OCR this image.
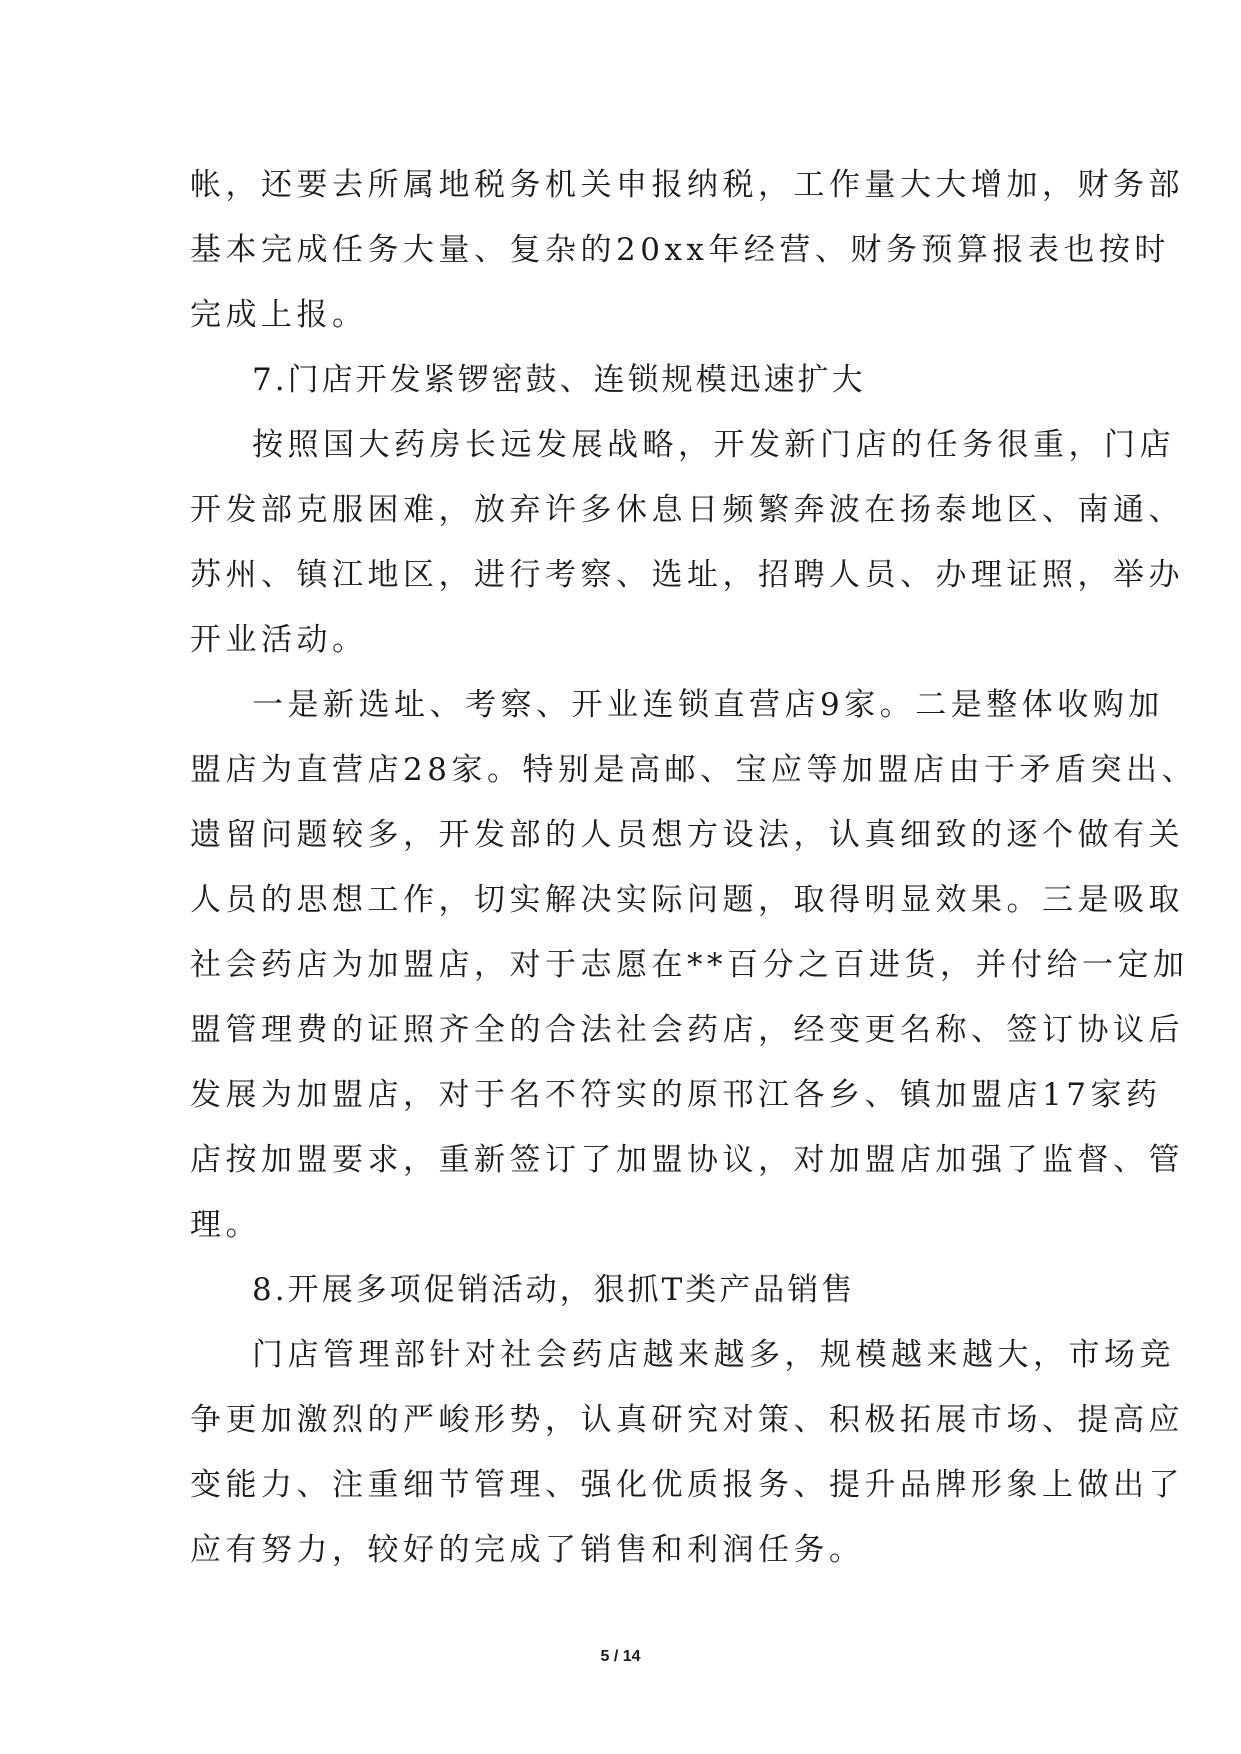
帐，还要去所属地税务机关申报纳税，工作量大大增加，财务部
基本完成任务大量、复杂的20xx年经营、财务预算报表也按时
完成上报。
7.门店开发紧锣密鼓、连锁规模迅速扩大
按照国大药房长远发展战略，开发新门店的任务很重，门店
开发部克服困难，放弃许多休息日频繁奔波在扬泰地区、南通、
苏州、镇江地区，进行考察、选址，招聘人员、办理证照，举办
开业活动。
一是新选址、考察、开业连锁直营店9家。二是整体收购加
盟店为直营店28家。特别是高邮、宝应等加盟店由于矛盾突出、
遗留问题较多，开发部的人员想方设法，认真细致的逐个做有关
人员的思想工作，切实解决实际问题，取得明显效果。三是吸取
社会药店为加盟店，对于志愿在**百分之百进货，并付给一定加
盟管理费的证照齐全的合法社会药店，经变更名称、签订协议后
发展为加盟店，对于名不符实的原邗江各乡、镇加盟店17家药
店按加盟要求，重新签订了加盟协议，对加盟店加强了监督、管
理。
8.开展多项促销活动，狠抓T类产品销售
门店管理部针对社会药店越来越多，规模越来越大，市场竞
争更加激烈的严峻形势，认真研究对策、积极拓展市场、提高应
变能力、注重细节管理、强化优质报务、提升品牌形象上做出了
应有努力，较好的完成了销售和利润任务。
5 / 14
